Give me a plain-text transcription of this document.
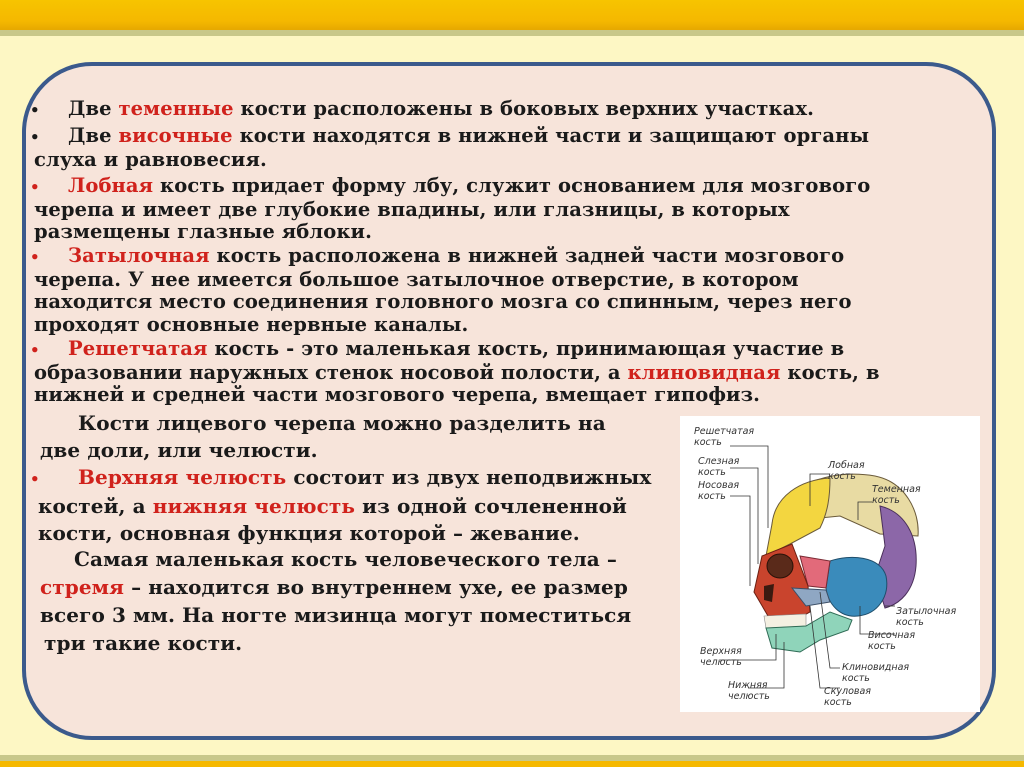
• Две теменные кости расположены в боковых верхних участках.
• Две височные кости находятся в нижней части и защищают органы
слуха и равновесия.
• Лобная кость придает форму лбу, служит основанием для мозгового
черепа и имеет две глубокие впадины, или глазницы, в которых
размещены глазные яблоки.
• Затылочная кость расположена в нижней задней части мозгового
черепа. У нее имеется большое затылочное отверстие, в котором
находится место соединения головного мозга со спинным, через него
проходят основные нервные каналы.
• Решетчатая кость - это маленькая кость, принимающая участие в
образовании наружных стенок носовой полости, а клиновидная кость, в
нижней и средней части мозгового черепа, вмещает гипофиз.
Кости лицевого черепа можно разделить на
две доли, или челюсти.
• Верхняя челюсть состоит из двух неподвижных
костей, а нижняя челюсть из одной сочлененной
кости, основная функция которой – жевание.
Самая маленькая кость человеческого тела –
стремя – находится во внутреннем ухе, ее размер
всего 3 мм. На ногте мизинца могут поместиться
три такие кости.
Решетчатая
кость
Слезная
кость
Носовая
кость
Лобная
кость
Теменная
кость
Затылочная
кость
Височная
кость
Верхняя
челюсть	Клиновидная
кость
Нижняя
челюсть	Скуловая
кость
